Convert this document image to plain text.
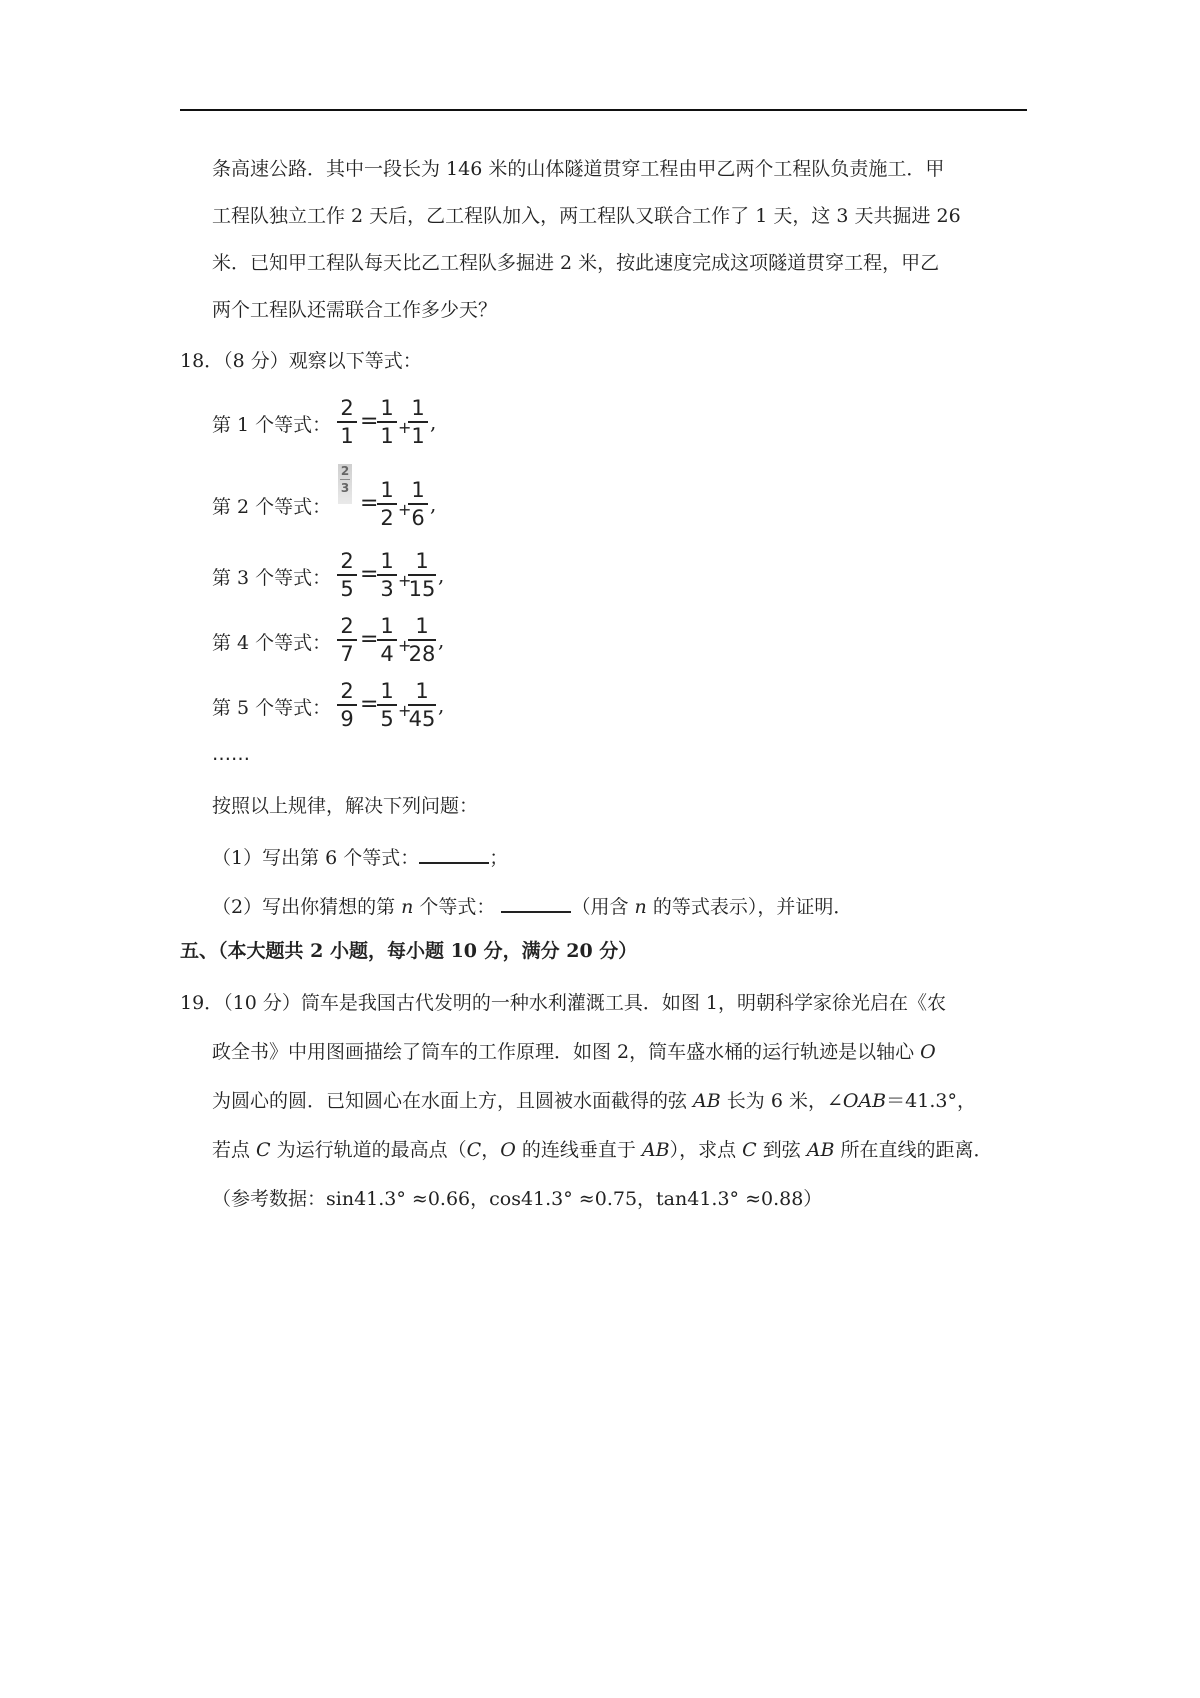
条高速公路．其中一段长为 146 米的山体隧道贯穿工程由甲乙两个工程队负责施工．甲
工程队独立工作 2 天后，乙工程队加入，两工程队又联合工作了 1 天，这 3 天共掘进 26
米．已知甲工程队每天比乙工程队多掘进 2 米，按此速度完成这项隧道贯穿工程，甲乙
两个工程队还需联合工作多少天？
18．（8 分）观察以下等式：
第 1 个等式：
2
1
=
1
1 +
1
1
,
第 2 个等式：
2
3
=
1
2 +
1
6
,
第 3 个等式：
2
5
=
1
3 +
1
15
,
第 4 个等式：
2
7
=
1
4 +
1
28
,
第 5 个等式：
2
9
=
1
5 +
1
45
,
……
按照以上规律，解决下列问题：
（1）写出第 6 个等式：	；
（2）写出你猜想的第 n 个等式：	（用含 n 的等式表示），并证明．
五、（本大题共 2 小题，每小题 10 分，满分 20 分）
19．（10 分）筒车是我国古代发明的一种水利灌溉工具．如图 1，明朝科学家徐光启在《农
政全书》中用图画描绘了筒车的工作原理．如图 2，筒车盛水桶的运行轨迹是以轴心 O
为圆心的圆．已知圆心在水面上方，且圆被水面截得的弦 AB 长为 6 米，∠OAB＝41.3°，
若点 C 为运行轨道的最高点（C，O 的连线垂直于 AB），求点 C 到弦 AB 所在直线的距离．
（参考数据：sin41.3° ≈0.66，cos41.3° ≈0.75，tan41.3° ≈0.88）
